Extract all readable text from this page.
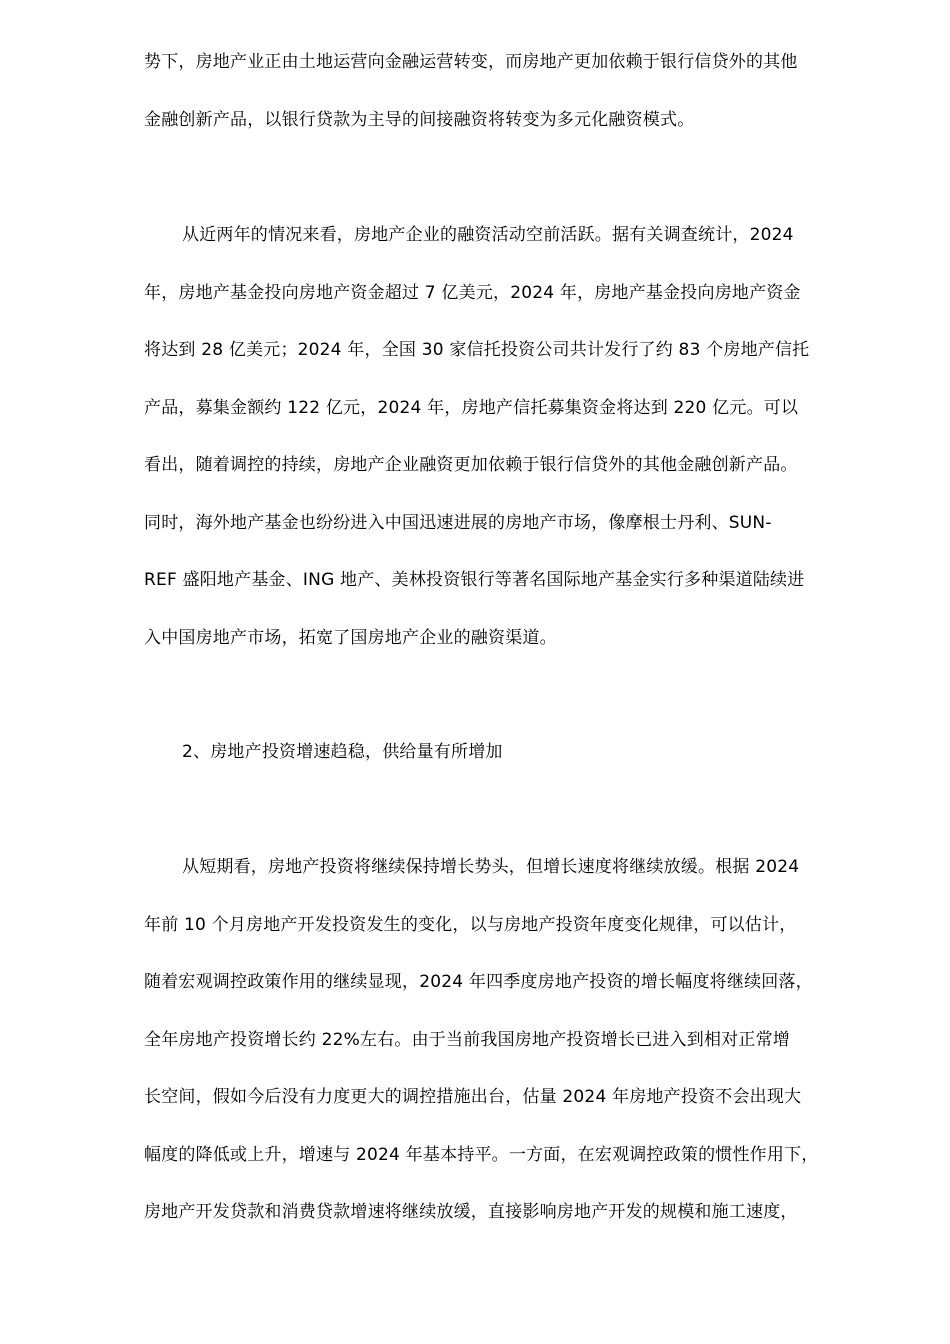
势下，房地产业正由土地运营向金融运营转变，而房地产更加依赖于银行信贷外的其他
金融创新产品，以银行贷款为主导的间接融资将转变为多元化融资模式。
从近两年的情况来看，房地产企业的融资活动空前活跃。据有关调查统计，2024
年，房地产基金投向房地产资金超过 7 亿美元，2024 年，房地产基金投向房地产资金
将达到 28 亿美元；2024 年，全国 30 家信托投资公司共计发行了约 83 个房地产信托
产品，募集金额约 122 亿元，2024 年，房地产信托募集资金将达到 220 亿元。可以
看出，随着调控的持续，房地产企业融资更加依赖于银行信贷外的其他金融创新产品。
同时，海外地产基金也纷纷进入中国迅速进展的房地产市场，像摩根士丹利、SUN-
REF 盛阳地产基金、ING 地产、美林投资银行等著名国际地产基金实行多种渠道陆续进
入中国房地产市场，拓宽了国房地产企业的融资渠道。
2、房地产投资增速趋稳，供给量有所增加
从短期看，房地产投资将继续保持增长势头，但增长速度将继续放缓。根据 2024
年前 10 个月房地产开发投资发生的变化，以与房地产投资年度变化规律，可以估计，
随着宏观调控政策作用的继续显现，2024 年四季度房地产投资的增长幅度将继续回落，
全年房地产投资增长约 22%左右。由于当前我国房地产投资增长已进入到相对正常增
长空间，假如今后没有力度更大的调控措施出台，估量 2024 年房地产投资不会出现大
幅度的降低或上升，增速与 2024 年基本持平。一方面，在宏观调控政策的惯性作用下，
房地产开发贷款和消费贷款增速将继续放缓，直接影响房地产开发的规模和施工速度，
